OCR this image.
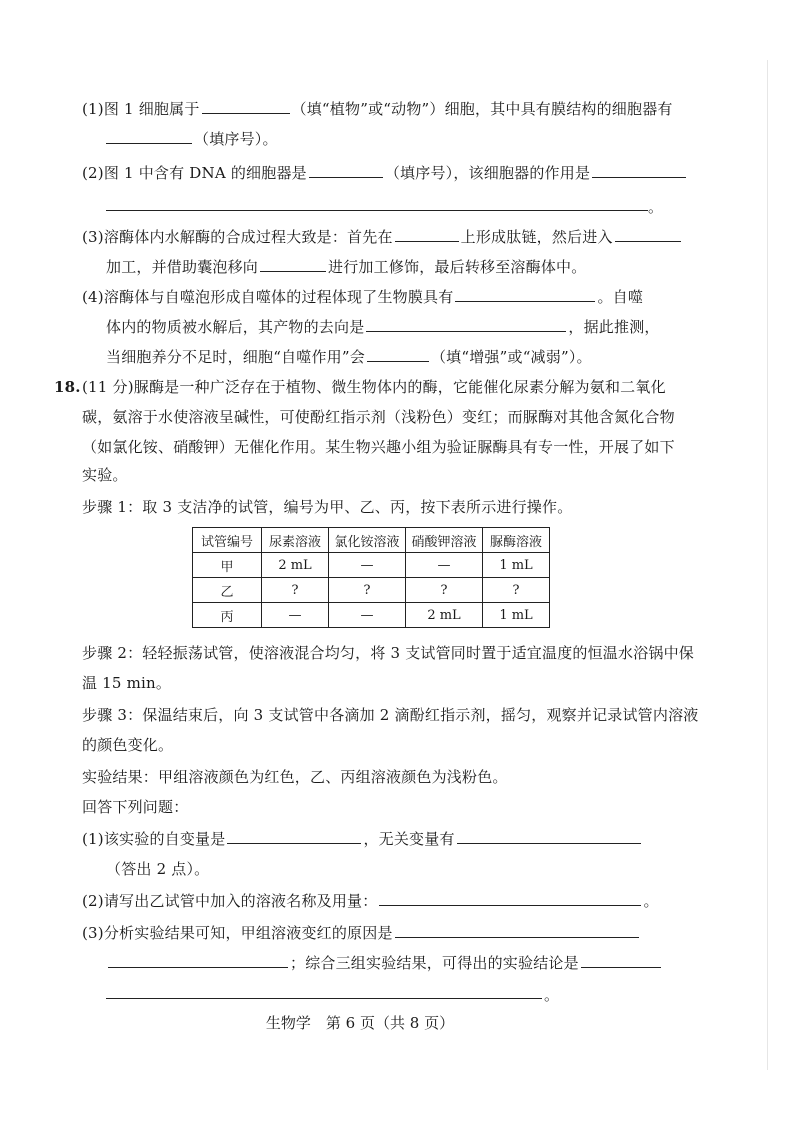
(1)图 1 细胞属于	（填“植物”或“动物”）细胞，其中具有膜结构的细胞器有
（填序号）。
(2)图 1 中含有 DNA 的细胞器是	（填序号），该细胞器的作用是
。
(3)溶酶体内水解酶的合成过程大致是：首先在	上形成肽链，然后进入
加工，并借助囊泡移向	进行加工修饰，最后转移至溶酶体中。
(4)溶酶体与自噬泡形成自噬体的过程体现了生物膜具有	。自噬
体内的物质被水解后，其产物的去向是	，据此推测，
当细胞养分不足时，细胞“自噬作用”会	（填“增强”或“减弱”）。
18. (11 分)脲酶是一种广泛存在于植物、微生物体内的酶，它能催化尿素分解为氨和二氧化
碳，氨溶于水使溶液呈碱性，可使酚红指示剂（浅粉色）变红；而脲酶对其他含氮化合物
（如氯化铵、硝酸钾）无催化作用。某生物兴趣小组为验证脲酶具有专一性，开展了如下
实验。
步骤 1：取 3 支洁净的试管，编号为甲、乙、丙，按下表所示进行操作。
试管编号	尿素溶液	氯化铵溶液	硝酸钾溶液	脲酶溶液
甲	2 mL	—	—	1 mL
乙	?	?	?	?
丙	—	—	2 mL	1 mL
步骤 2：轻轻振荡试管，使溶液混合均匀，将 3 支试管同时置于适宜温度的恒温水浴锅中保
温 15 min。
步骤 3：保温结束后，向 3 支试管中各滴加 2 滴酚红指示剂，摇匀，观察并记录试管内溶液
的颜色变化。
实验结果：甲组溶液颜色为红色，乙、丙组溶液颜色为浅粉色。
回答下列问题：
(1)该实验的自变量是	，无关变量有
（答出 2 点）。
(2)请写出乙试管中加入的溶液名称及用量：	。
(3)分析实验结果可知，甲组溶液变红的原因是
；综合三组实验结果，可得出的实验结论是
。
生物学　第 6 页（共 8 页）
